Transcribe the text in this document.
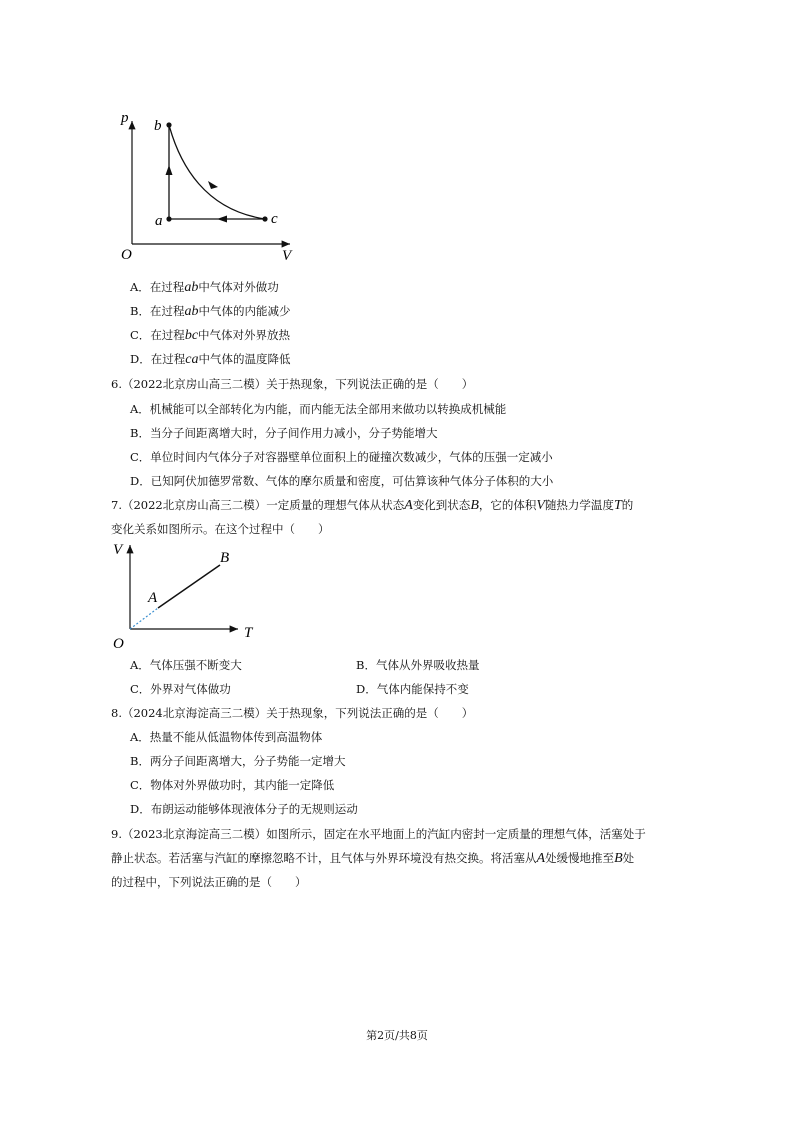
p
V
O
a
b
c
A．在过程ab中气体对外做功
B．在过程ab中气体的内能减少
C．在过程bc中气体对外界放热
D．在过程ca中气体的温度降低
6.（2022北京房山高三二模）关于热现象，下列说法正确的是（　　）
A．机械能可以全部转化为内能，而内能无法全部用来做功以转换成机械能
B．当分子间距离增大时，分子间作用力减小，分子势能增大
C．单位时间内气体分子对容器壁单位面积上的碰撞次数减少，气体的压强一定减小
D．已知阿伏加德罗常数、气体的摩尔质量和密度，可估算该种气体分子体积的大小
7.（2022北京房山高三二模）一定质量的理想气体从状态A变化到状态B，它的体积V随热力学温度T的
变化关系如图所示。在这个过程中（　　）
V
T
O
A
B
A．气体压强不断变大	B．气体从外界吸收热量
C．外界对气体做功	D．气体内能保持不变
8.（2024北京海淀高三二模）关于热现象，下列说法正确的是（　　）
A．热量不能从低温物体传到高温物体
B．两分子间距离增大，分子势能一定增大
C．物体对外界做功时，其内能一定降低
D．布朗运动能够体现液体分子的无规则运动
9.（2023北京海淀高三二模）如图所示，固定在水平地面上的汽缸内密封一定质量的理想气体，活塞处于
静止状态。若活塞与汽缸的摩擦忽略不计，且气体与外界环境没有热交换。将活塞从A处缓慢地推至B处
的过程中，下列说法正确的是（　　）
第2页/共8页
